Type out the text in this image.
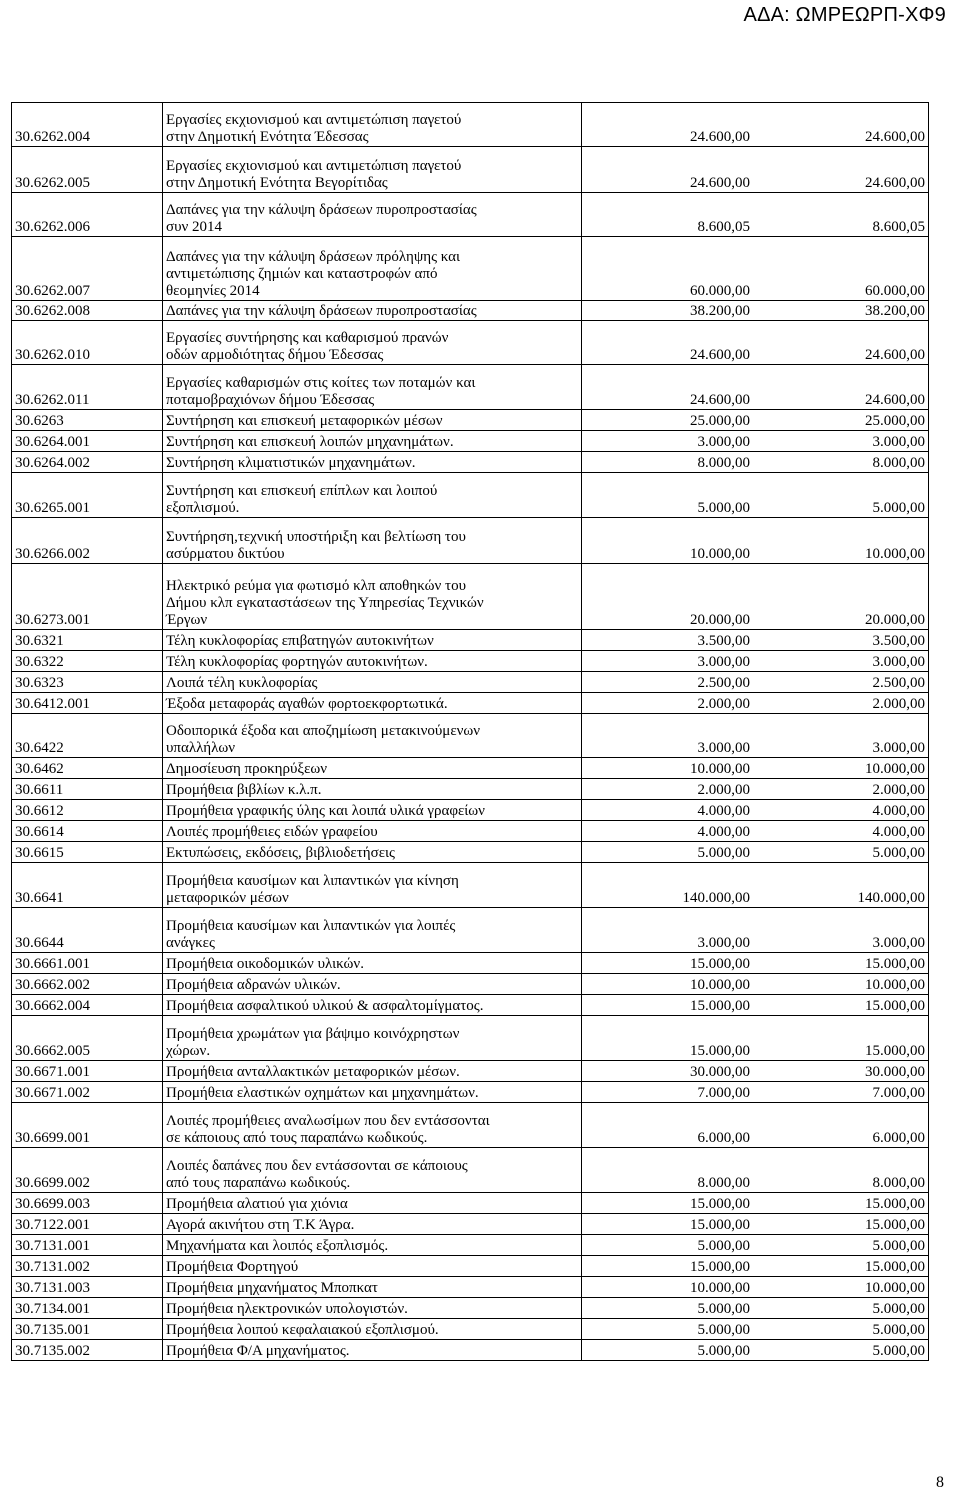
ΑΔΑ: ΩΜΡΕΩΡΠ-ΧΦ9
30.6262.004	Εργασίες εκχιονισμού και αντιμετώπιση παγετού
στην Δημοτική Ενότητα Έδεσσας	24.600,00 24.600,00

30.6262.005	Εργασίες εκχιονισμού και αντιμετώπιση παγετού
στην Δημοτική Ενότητα Βεγορίτιδας	24.600,00 24.600,00

30.6262.006	Δαπάνες για την κάλυψη δράσεων πυροπροστασίας
συν 2014	8.600,05 8.600,05

30.6262.007	Δαπάνες για την κάλυψη δράσεων πρόληψης και
αντιμετώπισης ζημιών και καταστροφών από
θεομηνίες 2014	60.000,00 60.000,00

30.6262.008	Δαπάνες για την κάλυψη δράσεων πυροπροστασίας	38.200,00 38.200,00

30.6262.010	Εργασίες συντήρησης και καθαρισμού πρανών
οδών αρμοδιότητας δήμου Έδεσσας	24.600,00 24.600,00

30.6262.011	Εργασίες καθαρισμών στις κοίτες των ποταμών και
ποταμοβραχιόνων δήμου Έδεσσας	24.600,00 24.600,00

30.6263	Συντήρηση και επισκευή μεταφορικών μέσων	25.000,00 25.000,00

30.6264.001	Συντήρηση και επισκευή λοιπών μηχανημάτων.	3.000,00 3.000,00

30.6264.002	Συντήρηση κλιματιστικών μηχανημάτων.	8.000,00 8.000,00

30.6265.001	Συντήρηση και επισκευή επίπλων και λοιπού
εξοπλισμού.	5.000,00 5.000,00

30.6266.002	Συντήρηση,τεχνική υποστήριξη και βελτίωση του
ασύρματου δικτύου	10.000,00 10.000,00

30.6273.001	Ηλεκτρικό ρεύμα για φωτισμό κλπ αποθηκών του
Δήμου κλπ εγκαταστάσεων της Υπηρεσίας Τεχνικών
Έργων	20.000,00 20.000,00

30.6321	Τέλη κυκλοφορίας επιβατηγών αυτοκινήτων	3.500,00 3.500,00

30.6322	Τέλη κυκλοφορίας φορτηγών αυτοκινήτων.	3.000,00 3.000,00

30.6323	Λοιπά τέλη κυκλοφορίας	2.500,00 2.500,00

30.6412.001	Έξοδα μεταφοράς αγαθών φορτοεκφορτωτικά.	2.000,00 2.000,00

30.6422	Οδοιπορικά έξοδα και αποζημίωση μετακινούμενων
υπαλλήλων	3.000,00 3.000,00

30.6462	Δημοσίευση προκηρύξεων	10.000,00 10.000,00

30.6611	Προμήθεια βιβλίων κ.λ.π.	2.000,00 2.000,00

30.6612	Προμήθεια γραφικής ύλης και λοιπά υλικά γραφείων	4.000,00 4.000,00

30.6614	Λοιπές προμήθειες ειδών γραφείου	4.000,00 4.000,00

30.6615	Εκτυπώσεις, εκδόσεις, βιβλιοδετήσεις	5.000,00 5.000,00

30.6641	Προμήθεια καυσίμων και λιπαντικών για κίνηση
μεταφορικών μέσων	140.000,00 140.000,00

30.6644	Προμήθεια καυσίμων και λιπαντικών για λοιπές
ανάγκες	3.000,00 3.000,00

30.6661.001	Προμήθεια οικοδομικών υλικών.	15.000,00 15.000,00

30.6662.002	Προμήθεια αδρανών υλικών.	10.000,00 10.000,00

30.6662.004	Προμήθεια ασφαλτικού υλικού & ασφαλτομίγματος.	15.000,00 15.000,00

30.6662.005	Προμήθεια χρωμάτων για βάψιμο κοινόχρηστων
χώρων.	15.000,00 15.000,00

30.6671.001	Προμήθεια ανταλλακτικών μεταφορικών μέσων.	30.000,00 30.000,00

30.6671.002	Προμήθεια ελαστικών οχημάτων και μηχανημάτων.	7.000,00 7.000,00

30.6699.001	Λοιπές προμήθειες αναλωσίμων που δεν εντάσσονται
σε κάποιους από τους παραπάνω κωδικούς.	6.000,00 6.000,00

30.6699.002	Λοιπές δαπάνες που δεν εντάσσονται σε κάποιους
από τους παραπάνω κωδικούς.	8.000,00 8.000,00

30.6699.003	Προμήθεια αλατιού για χιόνια	15.000,00 15.000,00

30.7122.001	Αγορά ακινήτου στη Τ.Κ Άγρα.	15.000,00 15.000,00

30.7131.001	Μηχανήματα και λοιπός εξοπλισμός.	5.000,00 5.000,00

30.7131.002	Προμήθεια Φορτηγού	15.000,00 15.000,00

30.7131.003	Προμήθεια μηχανήματος Μποπκατ	10.000,00 10.000,00

30.7134.001	Προμήθεια ηλεκτρονικών υπολογιστών.	5.000,00 5.000,00

30.7135.001	Προμήθεια λοιπού κεφαλαιακού εξοπλισμού.	5.000,00 5.000,00

30.7135.002	Προμήθεια Φ/Α μηχανήματος.	5.000,00 5.000,00
8
